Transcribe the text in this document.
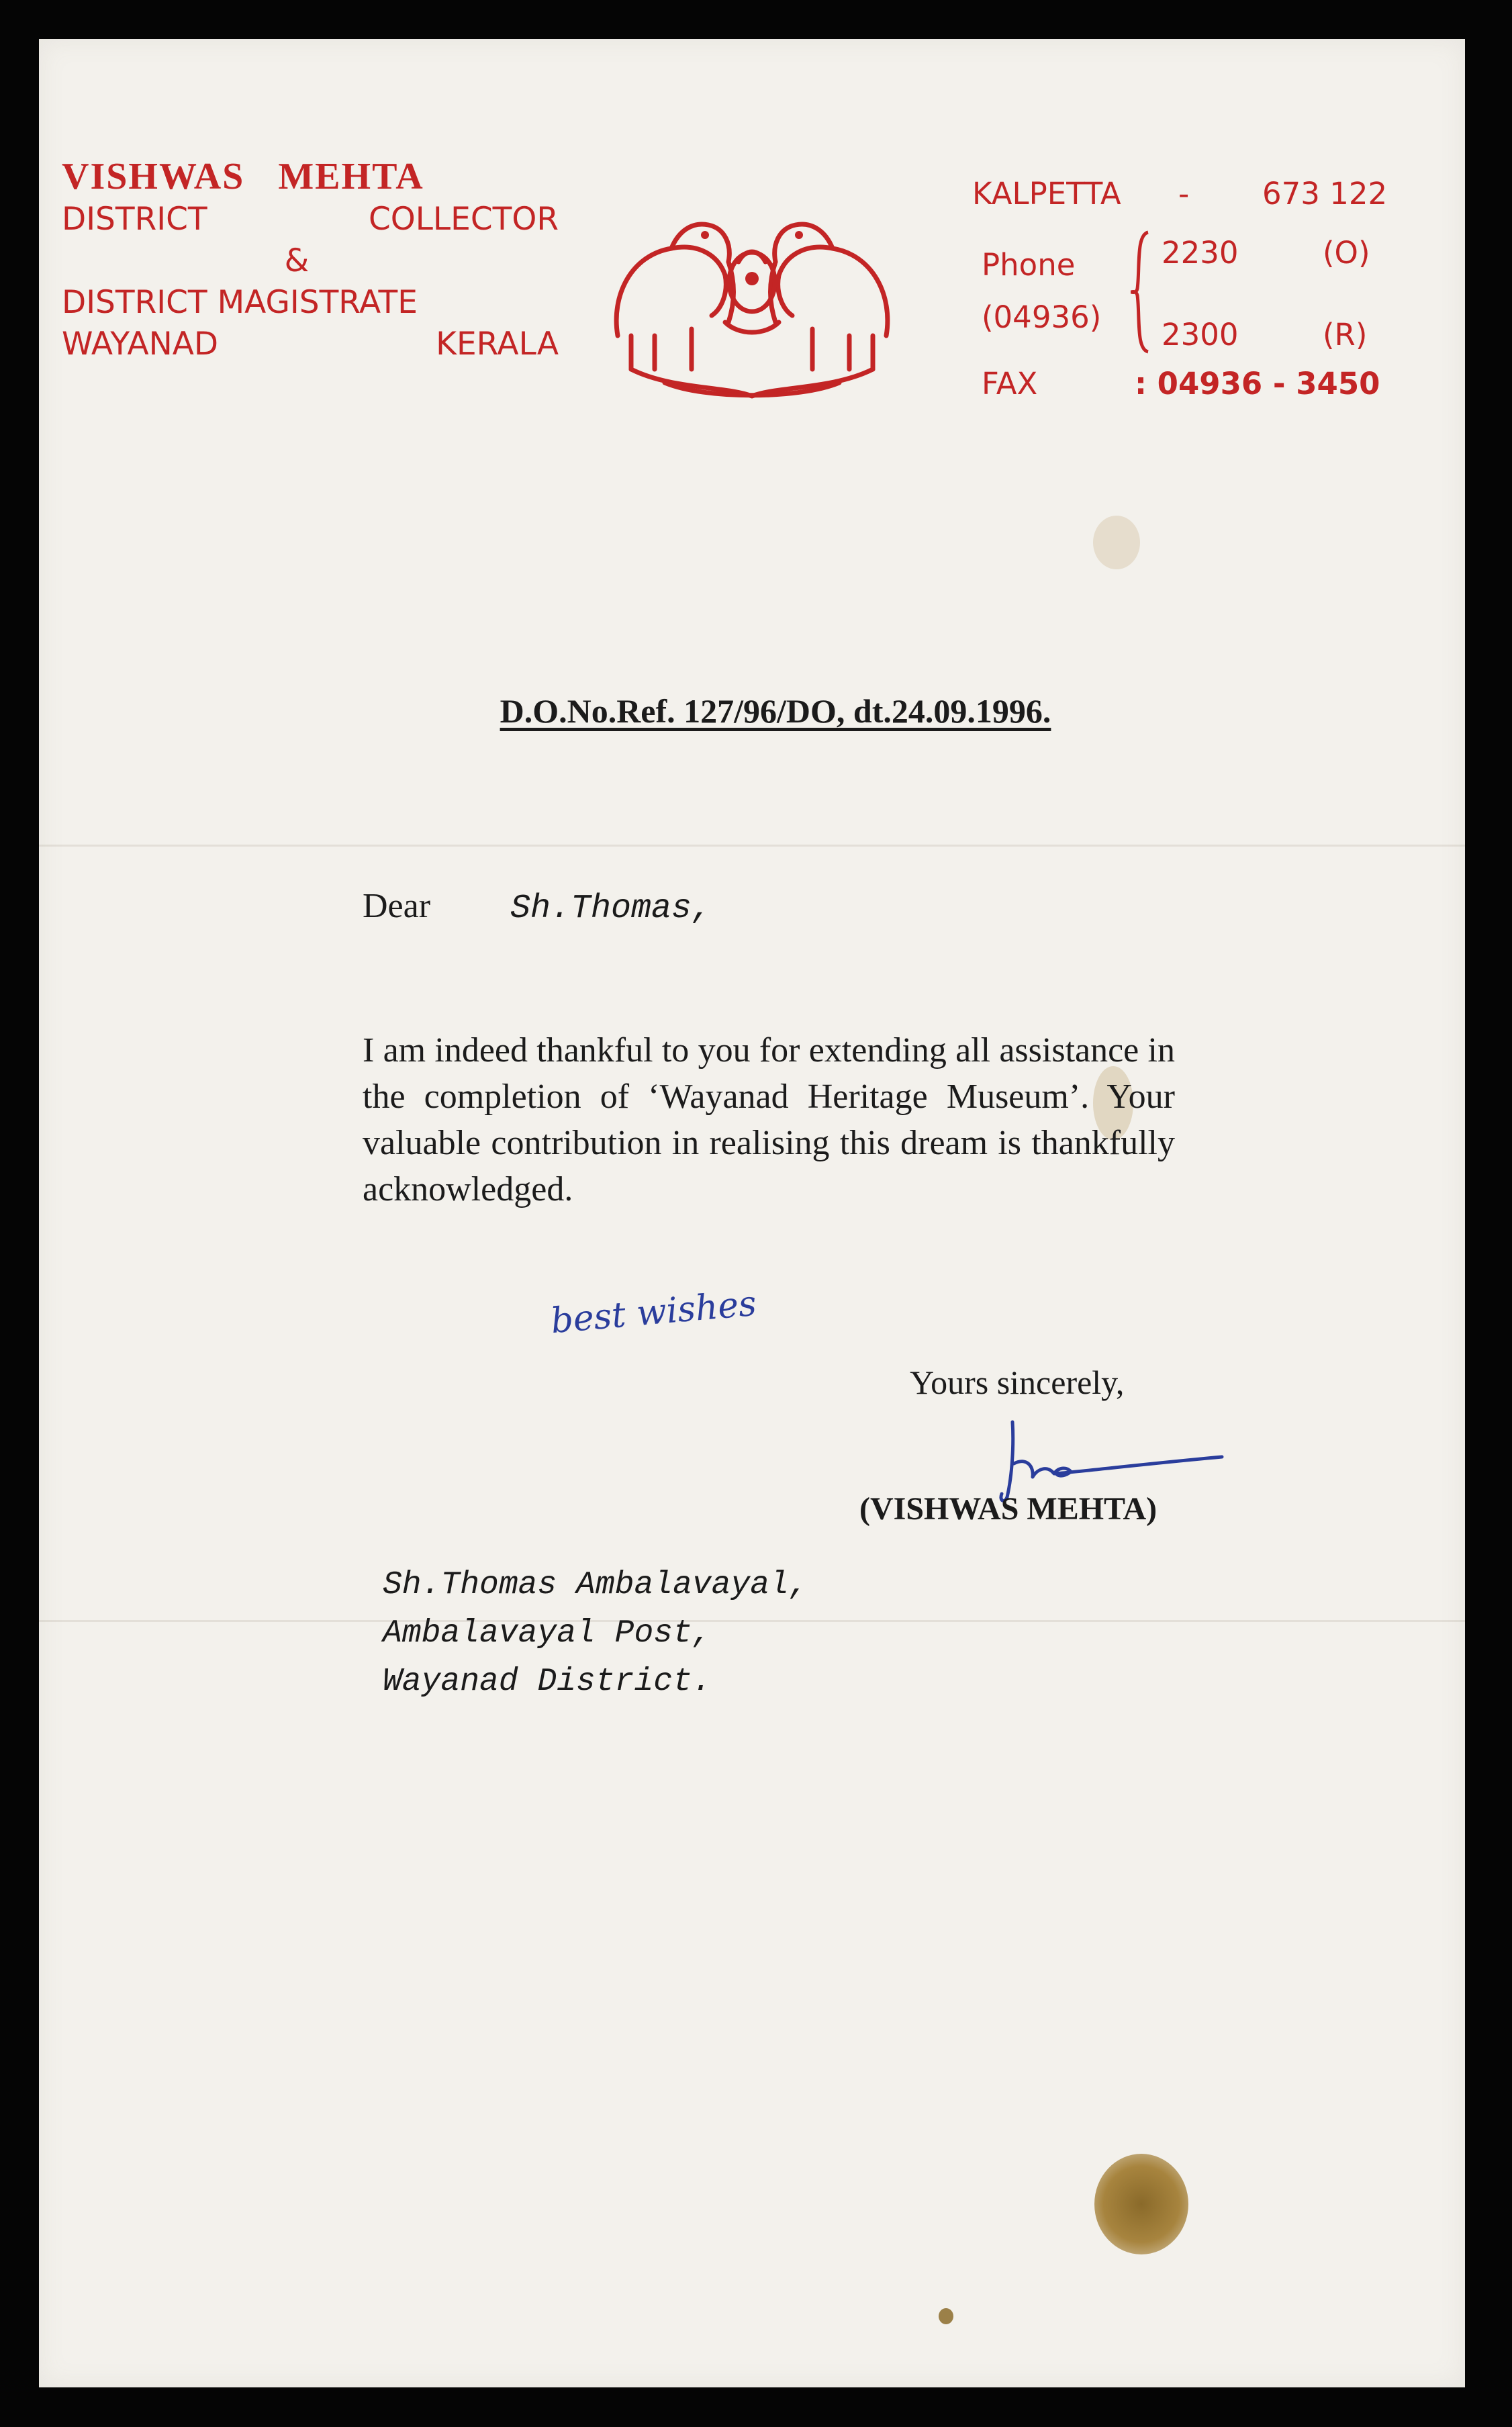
VISHWAS MEHTA
DISTRICT	COLLECTOR
&
DISTRICT MAGISTRATE
WAYANAD	KERALA
KALPETTA - 673 122
Phone
(04936)
2230	(O)
2300	(R)
FAX	: 04936 - 3450
D.O.No.Ref. 127/96/DO, dt.24.09.1996.
Dear Sh.Thomas,
I am indeed thankful to you for extending all assistance in the completion of ‘Wayanad Heritage Museum’. Your valuable contribution in realising this dream is thankfully acknowledged.
best wishes
Yours sincerely,
(VISHWAS MEHTA)
Sh.Thomas Ambalavayal,
Ambalavayal Post,
Wayanad District.
